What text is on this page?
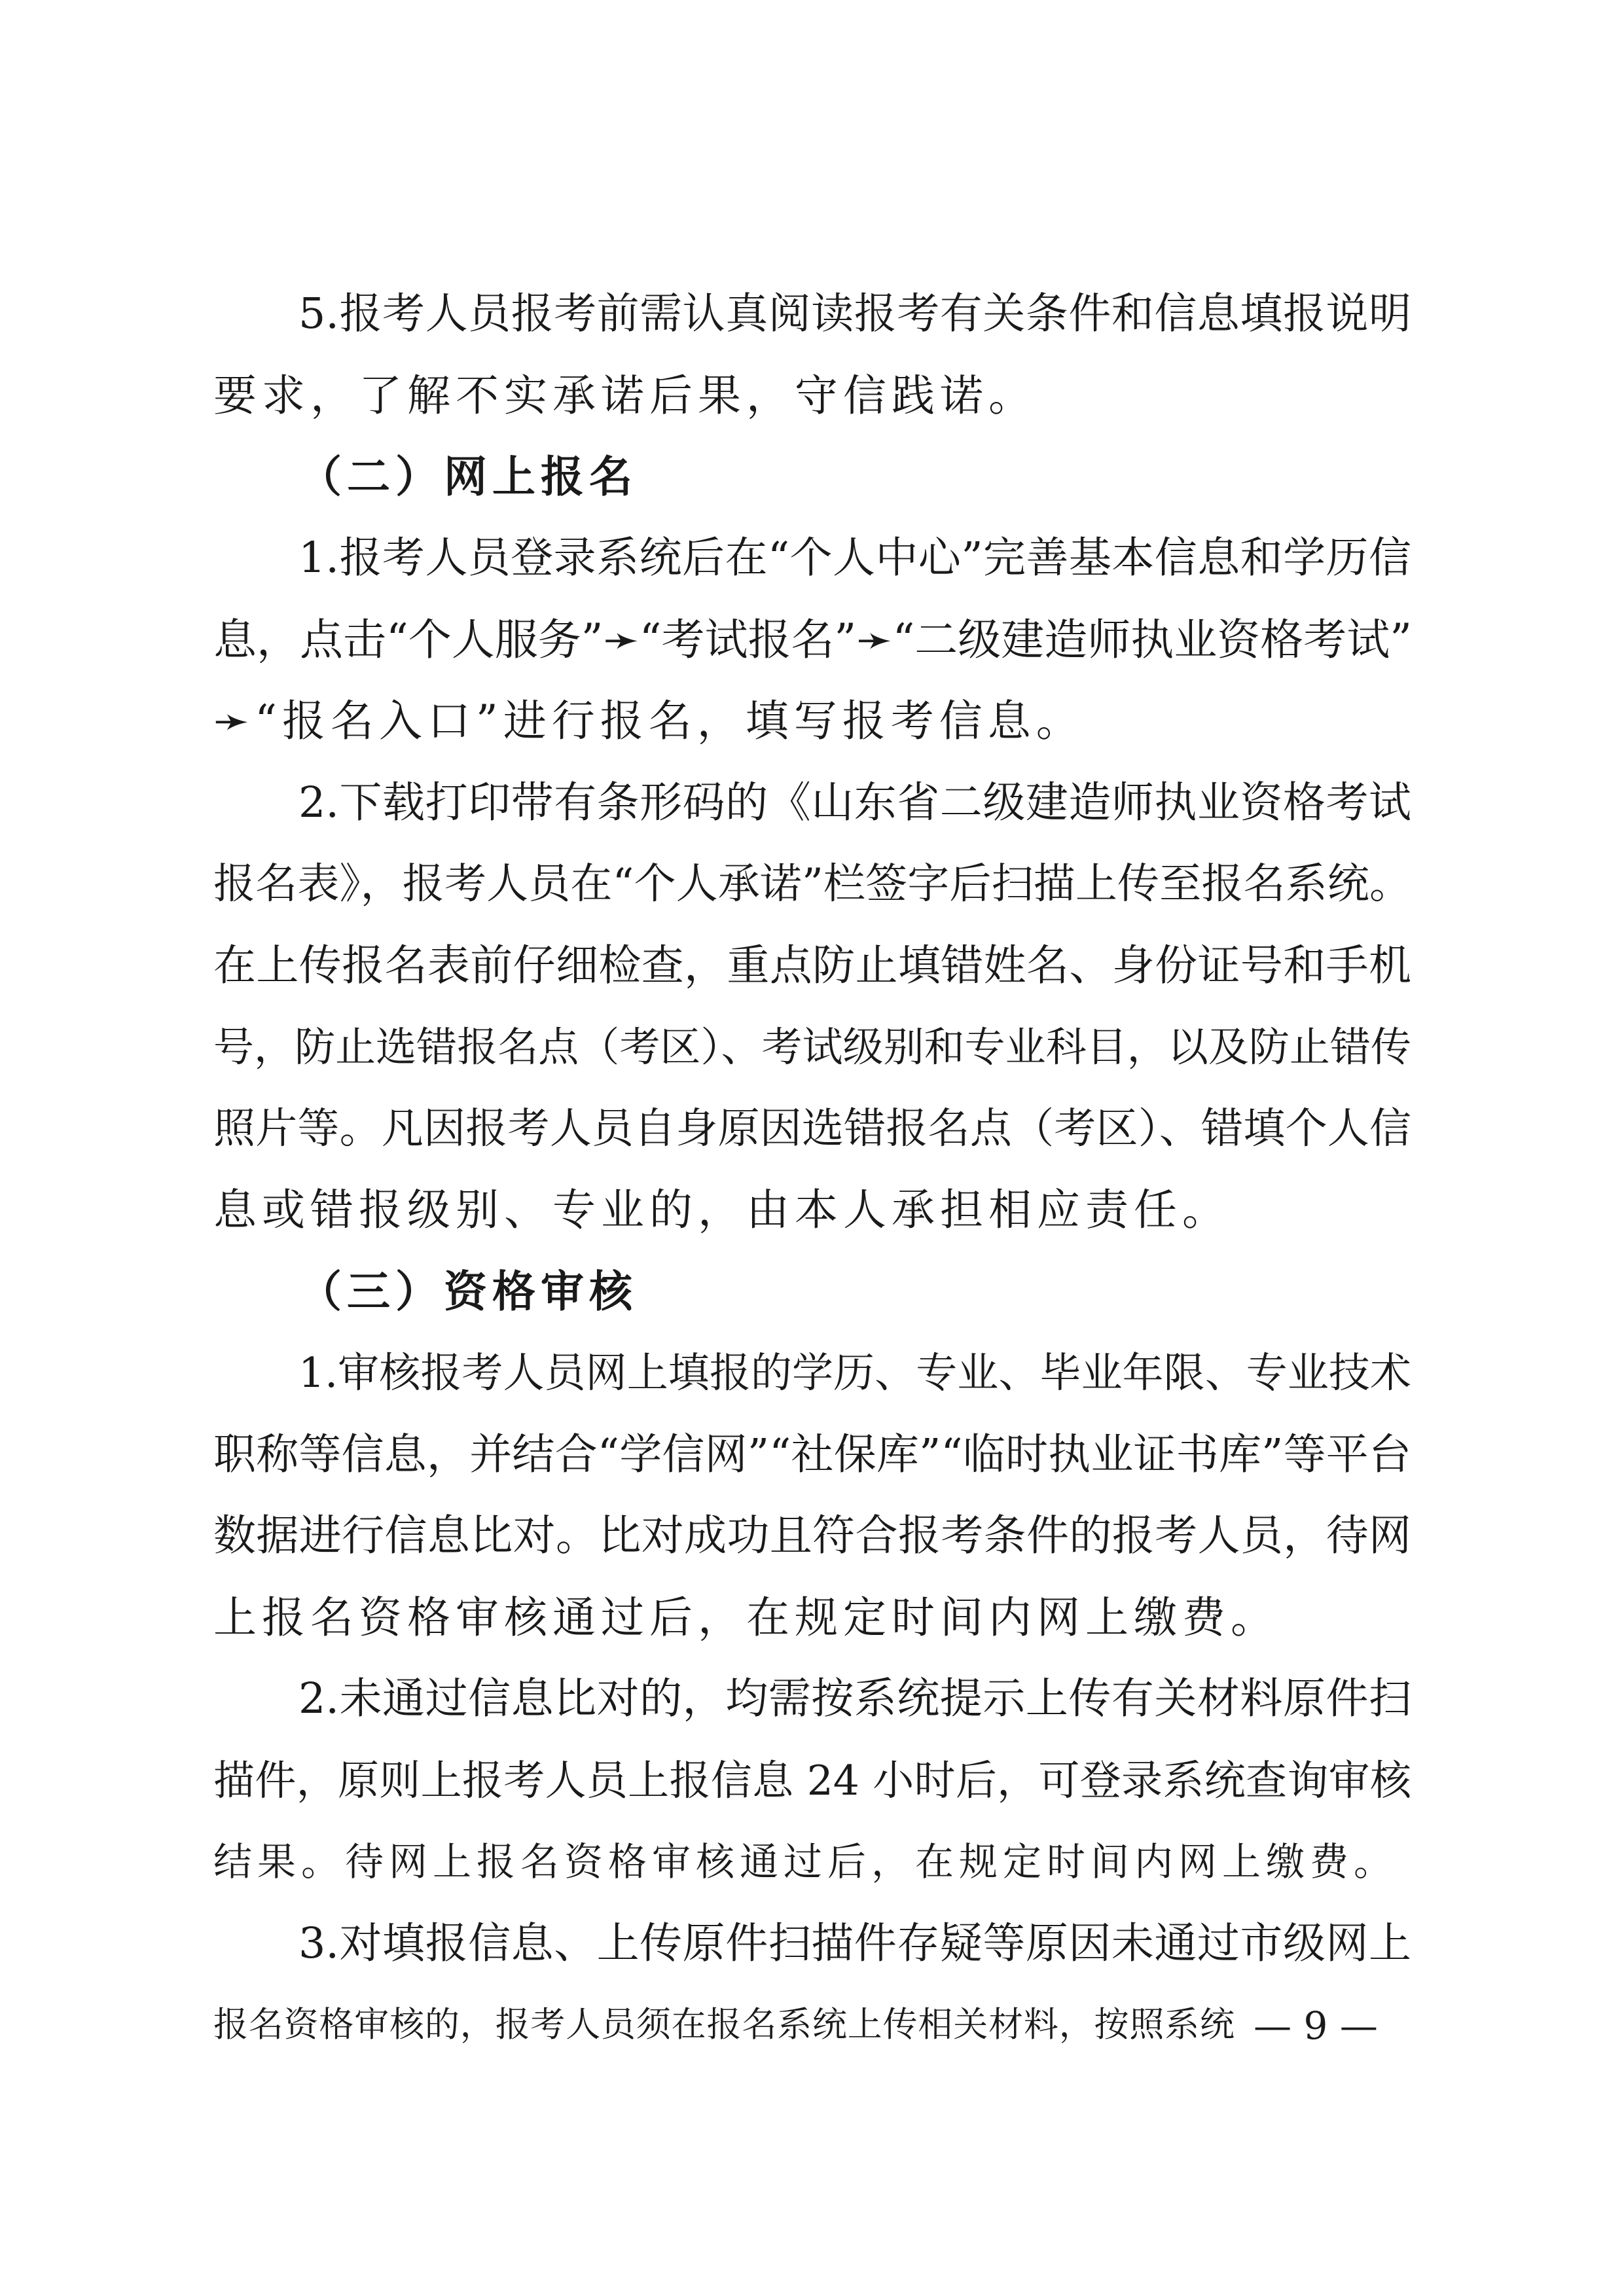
5.报考人员报考前需认真阅读报考有关条件和信息填报说明
要求，了解不实承诺后果，守信践诺。
（二）网上报名
1.报考人员登录系统后在“个人中心”完善基本信息和学历信
息，点击“个人服务”➛“考试报名”➛“二级建造师执业资格考试”
➛“报名入口”进行报名，填写报考信息。
2.下载打印带有条形码的《山东省二级建造师执业资格考试
报名表》，报考人员在“个人承诺”栏签字后扫描上传至报名系统。
在上传报名表前仔细检查，重点防止填错姓名、身份证号和手机
号，防止选错报名点（考区）、考试级别和专业科目，以及防止错传
照片等。凡因报考人员自身原因选错报名点（考区）、错填个人信
息或错报级别、专业的，由本人承担相应责任。
（三）资格审核
1.审核报考人员网上填报的学历、专业、毕业年限、专业技术
职称等信息，并结合“学信网”“社保库”“临时执业证书库”等平台
数据进行信息比对。比对成功且符合报考条件的报考人员，待网
上报名资格审核通过后，在规定时间内网上缴费。
2.未通过信息比对的，均需按系统提示上传有关材料原件扫
描件，原则上报考人员上报信息 24 小时后，可登录系统查询审核
结果。待网上报名资格审核通过后，在规定时间内网上缴费。
3.对填报信息、上传原件扫描件存疑等原因未通过市级网上
报名资格审核的，报考人员须在报名系统上传相关材料，按照系统 — 9 —
